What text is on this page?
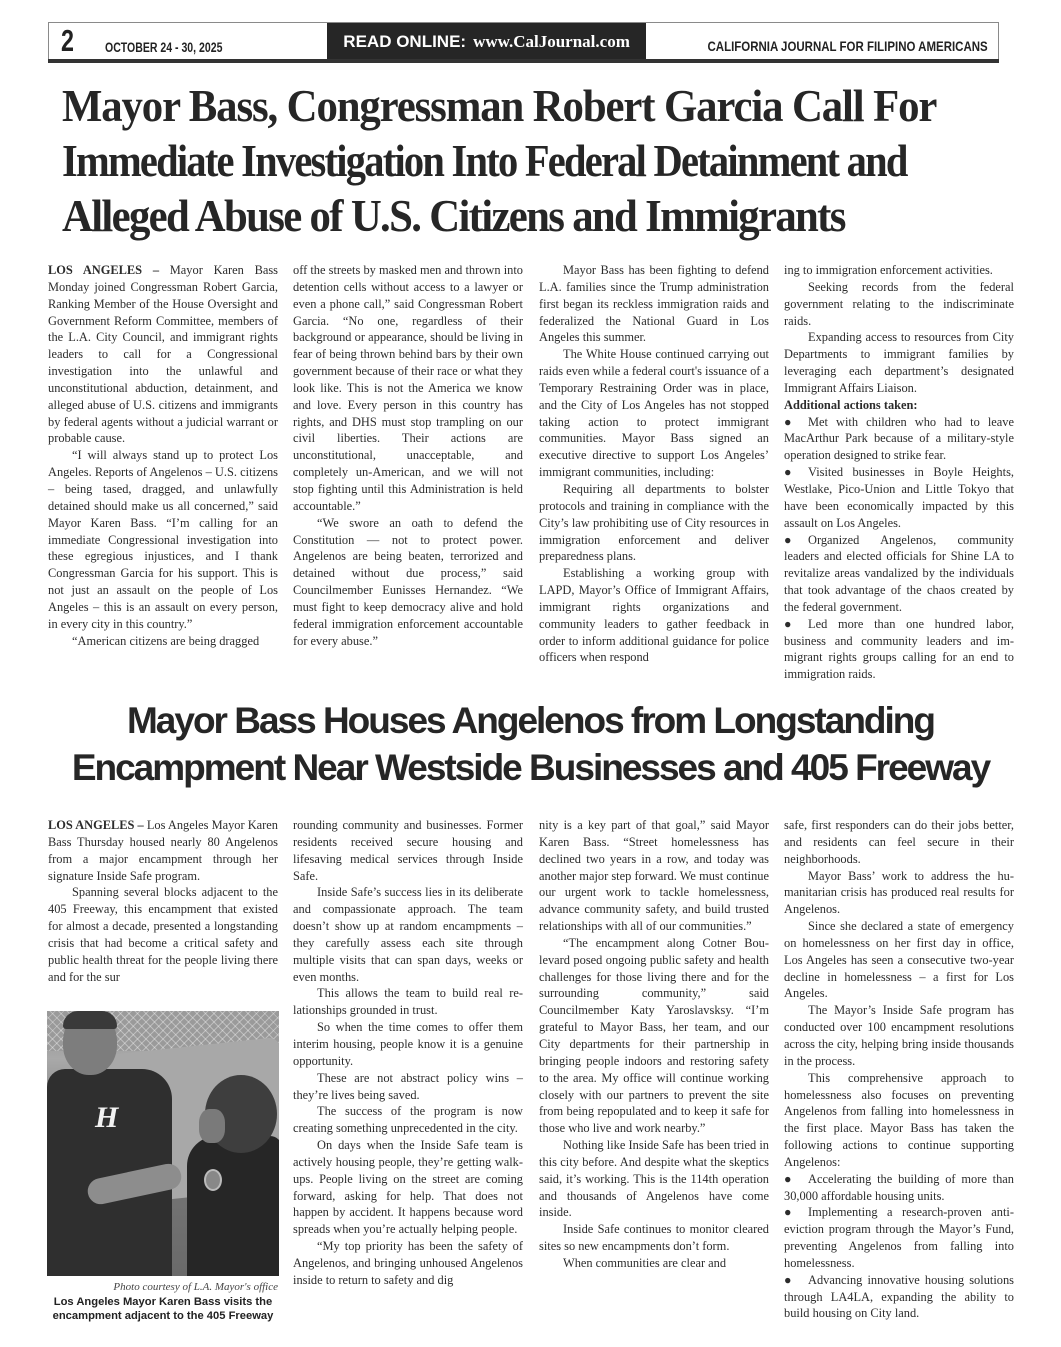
2 OCTOBER 24 - 30, 2025	READ ONLINE: www.CalJournal.com	CALIFORNIA JOURNAL FOR FILIPINO AMERICANS
Mayor Bass, Congressman Robert Garcia Call For
Immediate Investigation Into Federal Detainment and
Alleged Abuse of U.S. Citizens and Immigrants

LOS ANGELES – Mayor Karen Bass Monday joined Congressman Robert Garcia, Ranking Member of the House Oversight and Government Reform Committee, members of the L.A. City Council, and immigrant rights leaders to call for a Congressional investigation into the unlawful and unconstitutional abduction, detainment, and alleged abuse of U.S. citizens and immigrants by federal agents without a judicial warrant or probable cause.

“I will always stand up to protect Los Angeles. Reports of Angelenos – U.S. citizens – being tased, dragged, and unlawfully detained should make us all concerned,” said Mayor Karen Bass. “I’m calling for an immediate Congressional investigation into these egregious injustices, and I thank Congressman Garcia for his support. This is not just an assault on the people of Los Angeles – this is an assault on every person, in every city in this country.”

“American citizens are being dragged

off the streets by masked men and thrown into detention cells without access to a lawyer or even a phone call,” said Congressman Robert Garcia. “No one, regardless of their background or appearance, should be living in fear of being thrown behind bars by their own government because of their race or what they look like. This is not the America we know and love. Every person in this country has rights, and DHS must stop trampling on our civil liberties. Their actions are unconstitutional, unacceptable, and completely un-American, and we will not stop fighting until this Administration is held accountable.”

“We swore an oath to defend the Constitution — not to protect power. Angelenos are being beaten, terrorized and detained without due process,” said Councilmember Eunisses Hernandez. “We must fight to keep democracy alive and hold federal immigration enforcement accountable for every abuse.”

Mayor Bass has been fighting to defend L.A. families since the Trump administration first began its reckless immigration raids and federalized the National Guard in Los Angeles this summer.

The White House continued carrying out raids even while a federal court's issuance of a Temporary Restraining Order was in place, and the City of Los Angeles has not stopped taking action to protect immigrant communities. Mayor Bass signed an executive directive to support Los Angeles’ immigrant communities, including:

Requiring all departments to bolster protocols and training in compliance with the City’s law prohibiting use of City resources in immigration enforcement and deliver preparedness plans.

Establishing a working group with LAPD, Mayor’s Office of Immigrant Affairs, immigrant rights organizations and community leaders to gather feedback in order to inform additional guidance for police officers when respond

ing to immigration enforcement activities.

Seeking records from the federal government relating to the indiscriminate raids.

Expanding access to resources from City Departments to immigrant families by leveraging each department’s designated Immigrant Affairs Liaison.

Additional actions taken:

● Met with children who had to leave MacArthur Park because of a military-style operation designed to strike fear.

● Visited businesses in Boyle Heights, Westlake, Pico-Union and Little Tokyo that have been economically impacted by this assault on Los Angeles.

● Organized Angelenos, community leaders and elected officials for Shine LA to revitalize areas vandalized by the individuals that took advantage of the chaos created by the federal government.

● Led more than one hundred labor, business and community leaders and immigrant rights groups calling for an end to immigration raids.

Mayor Bass Houses Angelenos from Longstanding
Encampment Near Westside Businesses and 405 Freeway

LOS ANGELES – Los Angeles Mayor Karen Bass Thursday housed nearly 80 Angelenos from a major encampment through her signature Inside Safe program.

Spanning several blocks adjacent to the 405 Freeway, this encampment that existed for almost a decade, presented a longstanding crisis that had become a critical safety and public health threat for the people living there and for the sur

H
Photo courtesy of L.A. Mayor's office
Los Angeles Mayor Karen Bass visits the encampment adjacent to the 405 Freeway

rounding community and businesses. Former residents received secure housing and lifesaving medical services through Inside Safe.

Inside Safe’s success lies in its deliberate and compassionate approach. The team doesn’t show up at random encampments – they carefully assess each site through multiple visits that can span days, weeks or even months.

This allows the team to build real relationships grounded in trust.

So when the time comes to offer them interim housing, people know it is a genuine opportunity.

These are not abstract policy wins – they’re lives being saved.

The success of the program is now creating something unprecedented in the city.

On days when the Inside Safe team is actively housing people, they’re getting walk-ups. People living on the street are coming forward, asking for help. That does not happen by accident. It happens because word spreads when you’re actually helping people.

“My top priority has been the safety of Angelenos, and bringing unhoused Angelenos inside to return to safety and dig

nity is a key part of that goal,” said Mayor Karen Bass. “Street homelessness has declined two years in a row, and today was another major step forward. We must continue our urgent work to tackle homelessness, advance community safety, and build trusted relationships with all of our communities.”

“The encampment along Cotner Boulevard posed ongoing public safety and health challenges for those living there and for the surrounding community,” said Councilmember Katy Yaroslavsksy. “I’m grateful to Mayor Bass, her team, and our City departments for their partnership in bringing people indoors and restoring safety to the area. My office will continue working closely with our partners to prevent the site from being repopulated and to keep it safe for those who live and work nearby.”

Nothing like Inside Safe has been tried in this city before. And despite what the skeptics said, it’s working. This is the 114th operation and thousands of Angelenos have come inside.

Inside Safe continues to monitor cleared sites so new encampments don’t form.

When communities are clear and

safe, first responders can do their jobs better, and residents can feel secure in their neighborhoods.

Mayor Bass’ work to address the humanitarian crisis has produced real results for Angelenos.

Since she declared a state of emergency on homelessness on her first day in office, Los Angeles has seen a consecutive two-year decline in homelessness – a first for Los Angeles.

The Mayor’s Inside Safe program has conducted over 100 encampment resolutions across the city, helping bring inside thousands in the process.

This comprehensive approach to homelessness also focuses on preventing Angelenos from falling into homelessness in the first place. Mayor Bass has taken the following actions to continue supporting Angelenos:

● Accelerating the building of more than 30,000 affordable housing units.

● Implementing a research-proven anti-eviction program through the Mayor’s Fund, preventing Angelenos from falling into homelessness.

● Advancing innovative housing solutions through LA4LA, expanding the ability to build housing on City land.
